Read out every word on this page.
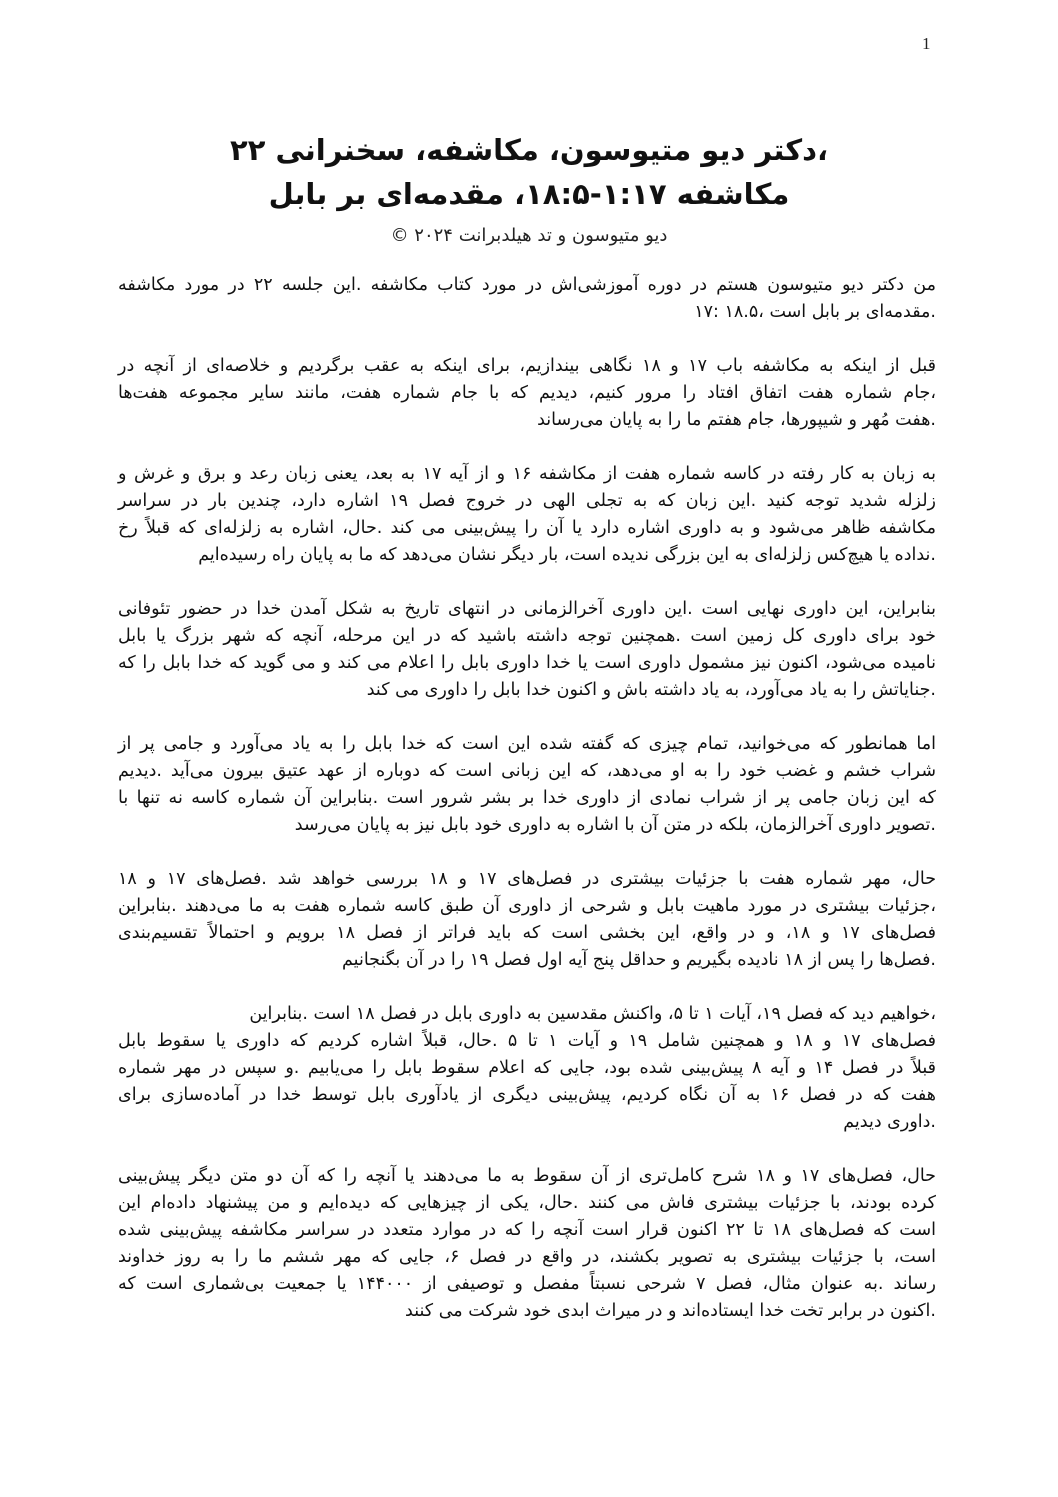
1
،دکتر دیو متیوسون، مکاشفه، سخنرانی ۲۲
مکاشفه ۱:۱۷-۱۸:۵، مقدمه‌ای بر بابل
دیو متیوسون و تد هیلدبرانت ۲۰۲۴ ©
من دکتر دیو متیوسون هستم در دوره آموزشی‌اش در مورد کتاب مکاشفه .این جلسه ۲۲ در مورد مکاشفه
.مقدمه‌ای بر بابل است ،۱۸.۵ :۱۷
قبل از اینکه به مکاشفه باب ۱۷ و ۱۸ نگاهی بیندازیم، برای اینکه به عقب برگردیم و خلاصه‌ای از آنچه در
،جام شماره هفت اتفاق افتاد را مرور کنیم، دیدیم که با جام شماره هفت، مانند سایر مجموعه هفت‌ها
.هفت مُهر و شیپورها، جام هفتم ما را به پایان می‌رساند
به زبان به کار رفته در کاسه شماره هفت از مکاشفه ۱۶ و از آیه ۱۷ به بعد، یعنی زبان رعد و برق و غرش و
زلزله شدید توجه کنید .این زبان که به تجلی الهی در خروج فصل ۱۹ اشاره دارد، چندین بار در سراسر
مکاشفه ظاهر می‌شود و به داوری اشاره دارد یا آن را پیش‌بینی می کند .حال، اشاره به زلزله‌ای که قبلاً رخ
.نداده یا هیچ‌کس زلزله‌ای به این بزرگی ندیده است، بار دیگر نشان می‌دهد که ما به پایان راه رسیده‌ایم
بنابراین، این داوری نهایی است .این داوری آخرالزمانی در انتهای تاریخ به شکل آمدن خدا در حضور تئوفانی
خود برای داوری کل زمین است .همچنین توجه داشته باشید که در این مرحله، آنچه که شهر بزرگ یا بابل
نامیده می‌شود، اکنون نیز مشمول داوری است یا خدا داوری بابل را اعلام می کند و می گوید که خدا بابل را که
.جنایاتش را به یاد می‌آورد، به یاد داشته باش و اکنون خدا بابل را داوری می کند
اما همانطور که می‌خوانید، تمام چیزی که گفته شده این است که خدا بابل را به یاد می‌آورد و جامی پر از
شراب خشم و غضب خود را به او می‌دهد، که این زبانی است که دوباره از عهد عتیق بیرون می‌آید .دیدیم
که این زبان جامی پر از شراب نمادی از داوری خدا بر بشر شرور است .بنابراین آن شماره کاسه نه تنها با
.تصویر داوری آخرالزمان، بلکه در متن آن با اشاره به داوری خود بابل نیز به پایان می‌رسد
حال، مهر شماره هفت با جزئیات بیشتری در فصل‌های ۱۷ و ۱۸ بررسی خواهد شد .فصل‌های ۱۷ و ۱۸
،جزئیات بیشتری در مورد ماهیت بابل و شرحی از داوری آن طبق کاسه شماره هفت به ما می‌دهند .بنابراین
فصل‌های ۱۷ و ۱۸، و در واقع، این بخشی است که باید فراتر از فصل ۱۸ برویم و احتمالاً تقسیم‌بندی
.فصل‌ها را پس از ۱۸ نادیده بگیریم و حداقل پنج آیه اول فصل ۱۹ را در آن بگنجانیم
،خواهیم دید که فصل ۱۹، آیات ۱ تا ۵، واکنش مقدسین به داوری بابل در فصل ۱۸ است .بنابراین
فصل‌های ۱۷ و ۱۸ و همچنین شامل ۱۹ و آیات ۱ تا ۵ .حال، قبلاً اشاره کردیم که داوری یا سقوط بابل
قبلاً در فصل ۱۴ و آیه ۸ پیش‌بینی شده بود، جایی که اعلام سقوط بابل را می‌یابیم .و سپس در مهر شماره
هفت که در فصل ۱۶ به آن نگاه کردیم، پیش‌بینی دیگری از یادآوری بابل توسط خدا در آماده‌سازی برای
.داوری دیدیم
حال، فصل‌های ۱۷ و ۱۸ شرح کامل‌تری از آن سقوط به ما می‌دهند یا آنچه را که آن دو متن دیگر پیش‌بینی
کرده بودند، با جزئیات بیشتری فاش می کنند .حال، یکی از چیزهایی که دیده‌ایم و من پیشنهاد داده‌ام این
است که فصل‌های ۱۸ تا ۲۲ اکنون قرار است آنچه را که در موارد متعدد در سراسر مکاشفه پیش‌بینی شده
است، با جزئیات بیشتری به تصویر بکشند، در واقع در فصل ۶، جایی که مهر ششم ما را به روز خداوند
رساند .به عنوان مثال، فصل ۷ شرحی نسبتاً مفصل و توصیفی از ۱۴۴۰۰۰ یا جمعیت بی‌شماری است که
.اکنون در برابر تخت خدا ایستاده‌اند و در میراث ابدی خود شرکت می کنند
